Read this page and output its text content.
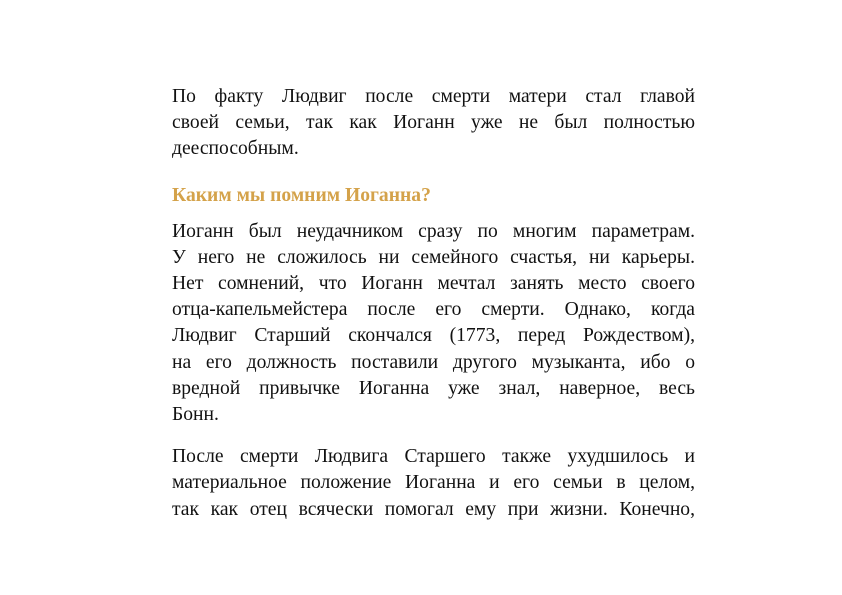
По факту Людвиг после смерти матери стал главой
своей семьи, так как Иоганн уже не был полностью
дееспособным.

Каким мы помним Иоганна?

Иоганн был неудачником сразу по многим параметрам.
У него не сложилось ни семейного счастья, ни карьеры.
Нет сомнений, что Иоганн мечтал занять место своего
отца-капельмейстера после его смерти. Однако, когда
Людвиг Старший скончался (1773, перед Рождеством),
на его должность поставили другого музыканта, ибо о
вредной привычке Иоганна уже знал, наверное, весь
Бонн.

После смерти Людвига Старшего также ухудшилось и
материальное положение Иоганна и его семьи в целом,
так как отец всячески помогал ему при жизни. Конечно,
